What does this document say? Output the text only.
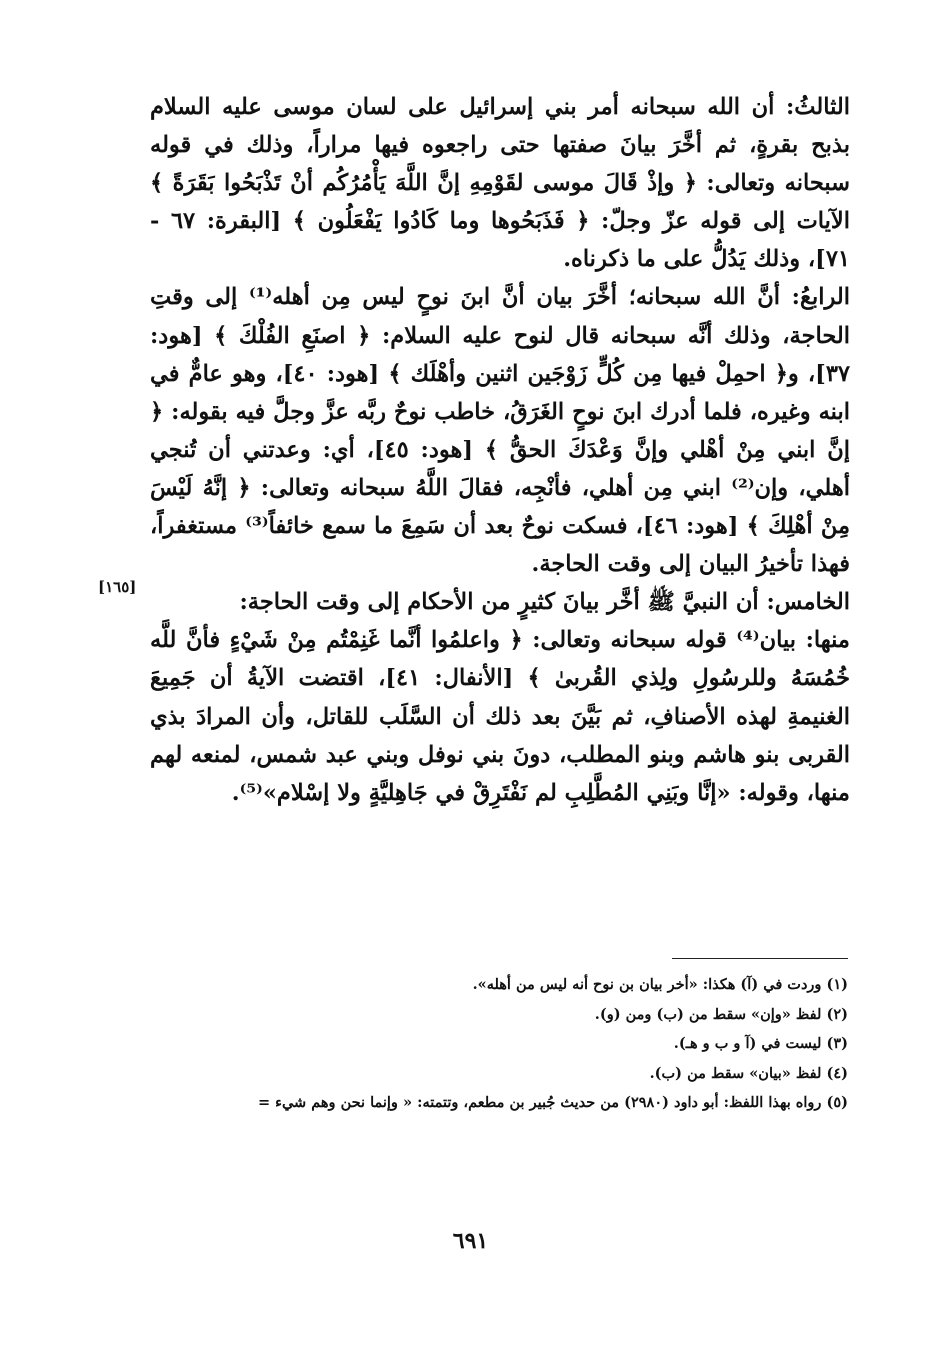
الثالثُ: أن الله سبحانه أمر بني إسرائيل على لسان موسى عليه السلام بذبح بقرةٍ، ثم أخَّرَ بيانَ صفتها حتى راجعوه فيها مراراً، وذلك في قوله سبحانه وتعالى: ﴿ وإذْ قَالَ موسى لقَوْمِهِ إنَّ اللَّهَ يَأْمُرُكُم أنْ تَذْبَحُوا بَقَرَةً ﴾ الآيات إلى قوله عزّ وجلّ: ﴿ فَذَبَحُوها وما كَادُوا يَفْعَلُون ﴾ [البقرة: ٦٧ - ٧١]، وذلك يَدُلُّ على ما ذكرناه.

الرابعُ: أنَّ الله سبحانه؛ أخَّرَ بيان أنَّ ابنَ نوحٍ ليس مِن أهله⁽¹⁾ إلى وقتِ الحاجة، وذلك أنَّه سبحانه قال لنوح عليه السلام: ﴿ اصنَعِ الفُلْكَ ﴾ [هود: ٣٧]، و﴿ احمِلْ فيها مِن كُلٍّ زَوْجَين اثنين وأهْلَك ﴾ [هود: ٤٠]، وهو عامٌّ في ابنه وغيره، فلما أدرك ابنَ نوحٍ الغَرَقُ، خاطب نوحٌ ربَّه عزَّ وجلَّ فيه بقوله: ﴿ إنَّ ابني مِنْ أهْلي وإنَّ وَعْدَكَ الحقُّ ﴾ [هود: ٤٥]، أي: وعدتني أن تُنجي أهلي، وإن⁽²⁾ ابني مِن أهلي، فأنْجِه، فقالَ اللَّهُ سبحانه وتعالى: ﴿ إنَّهُ لَيْسَ مِنْ أهْلِكَ ﴾ [هود: ٤٦]، فسكت نوحٌ بعد أن سَمِعَ ما سمع خائفاً⁽³⁾ مستغفراً، فهذا تأخيرُ البيان إلى وقت الحاجة.

الخامس: أن النبيَّ ﷺ أخَّر بيانَ كثيرٍ من الأحكام إلى وقت الحاجة:

منها: بيان⁽⁴⁾ قوله سبحانه وتعالى: ﴿ واعلمُوا أنَّما غَنِمْتُم مِنْ شَيْءٍ فأنَّ للَّه خُمُسَهُ وللرسُولِ ولِذي القُربىٰ ﴾ [الأنفال: ٤١]، اقتضت الآيةُ أن جَمِيعَ الغنيمةِ لهذه الأصنافِ، ثم بَيَّنَ بعد ذلك أن السَّلَب للقاتل، وأن المرادَ بذي القربى بنو هاشم وبنو المطلب، دونَ بني نوفل وبني عبد شمس، لمنعه لهم منها، وقوله: «إنَّا وبَنِي المُطَّلِبِ لم نَفْتَرِقْ في جَاهِليَّةٍ ولا إسْلام»⁽⁵⁾.

[١٦٥]

(١) وردت في (آ) هكذا: «أخر بيان بن نوح أنه ليس من أهله».

(٢) لفظ «وإن» سقط من (ب) ومن (و).

(٣) ليست في (آ و ب و هـ).

(٤) لفظ «بيان» سقط من (ب).

(٥) رواه بهذا اللفظ: أبو داود (٢٩٨٠) من حديث جُبير بن مطعم، وتتمته: « وإنما نحن وهم شيء =

٦٩١
